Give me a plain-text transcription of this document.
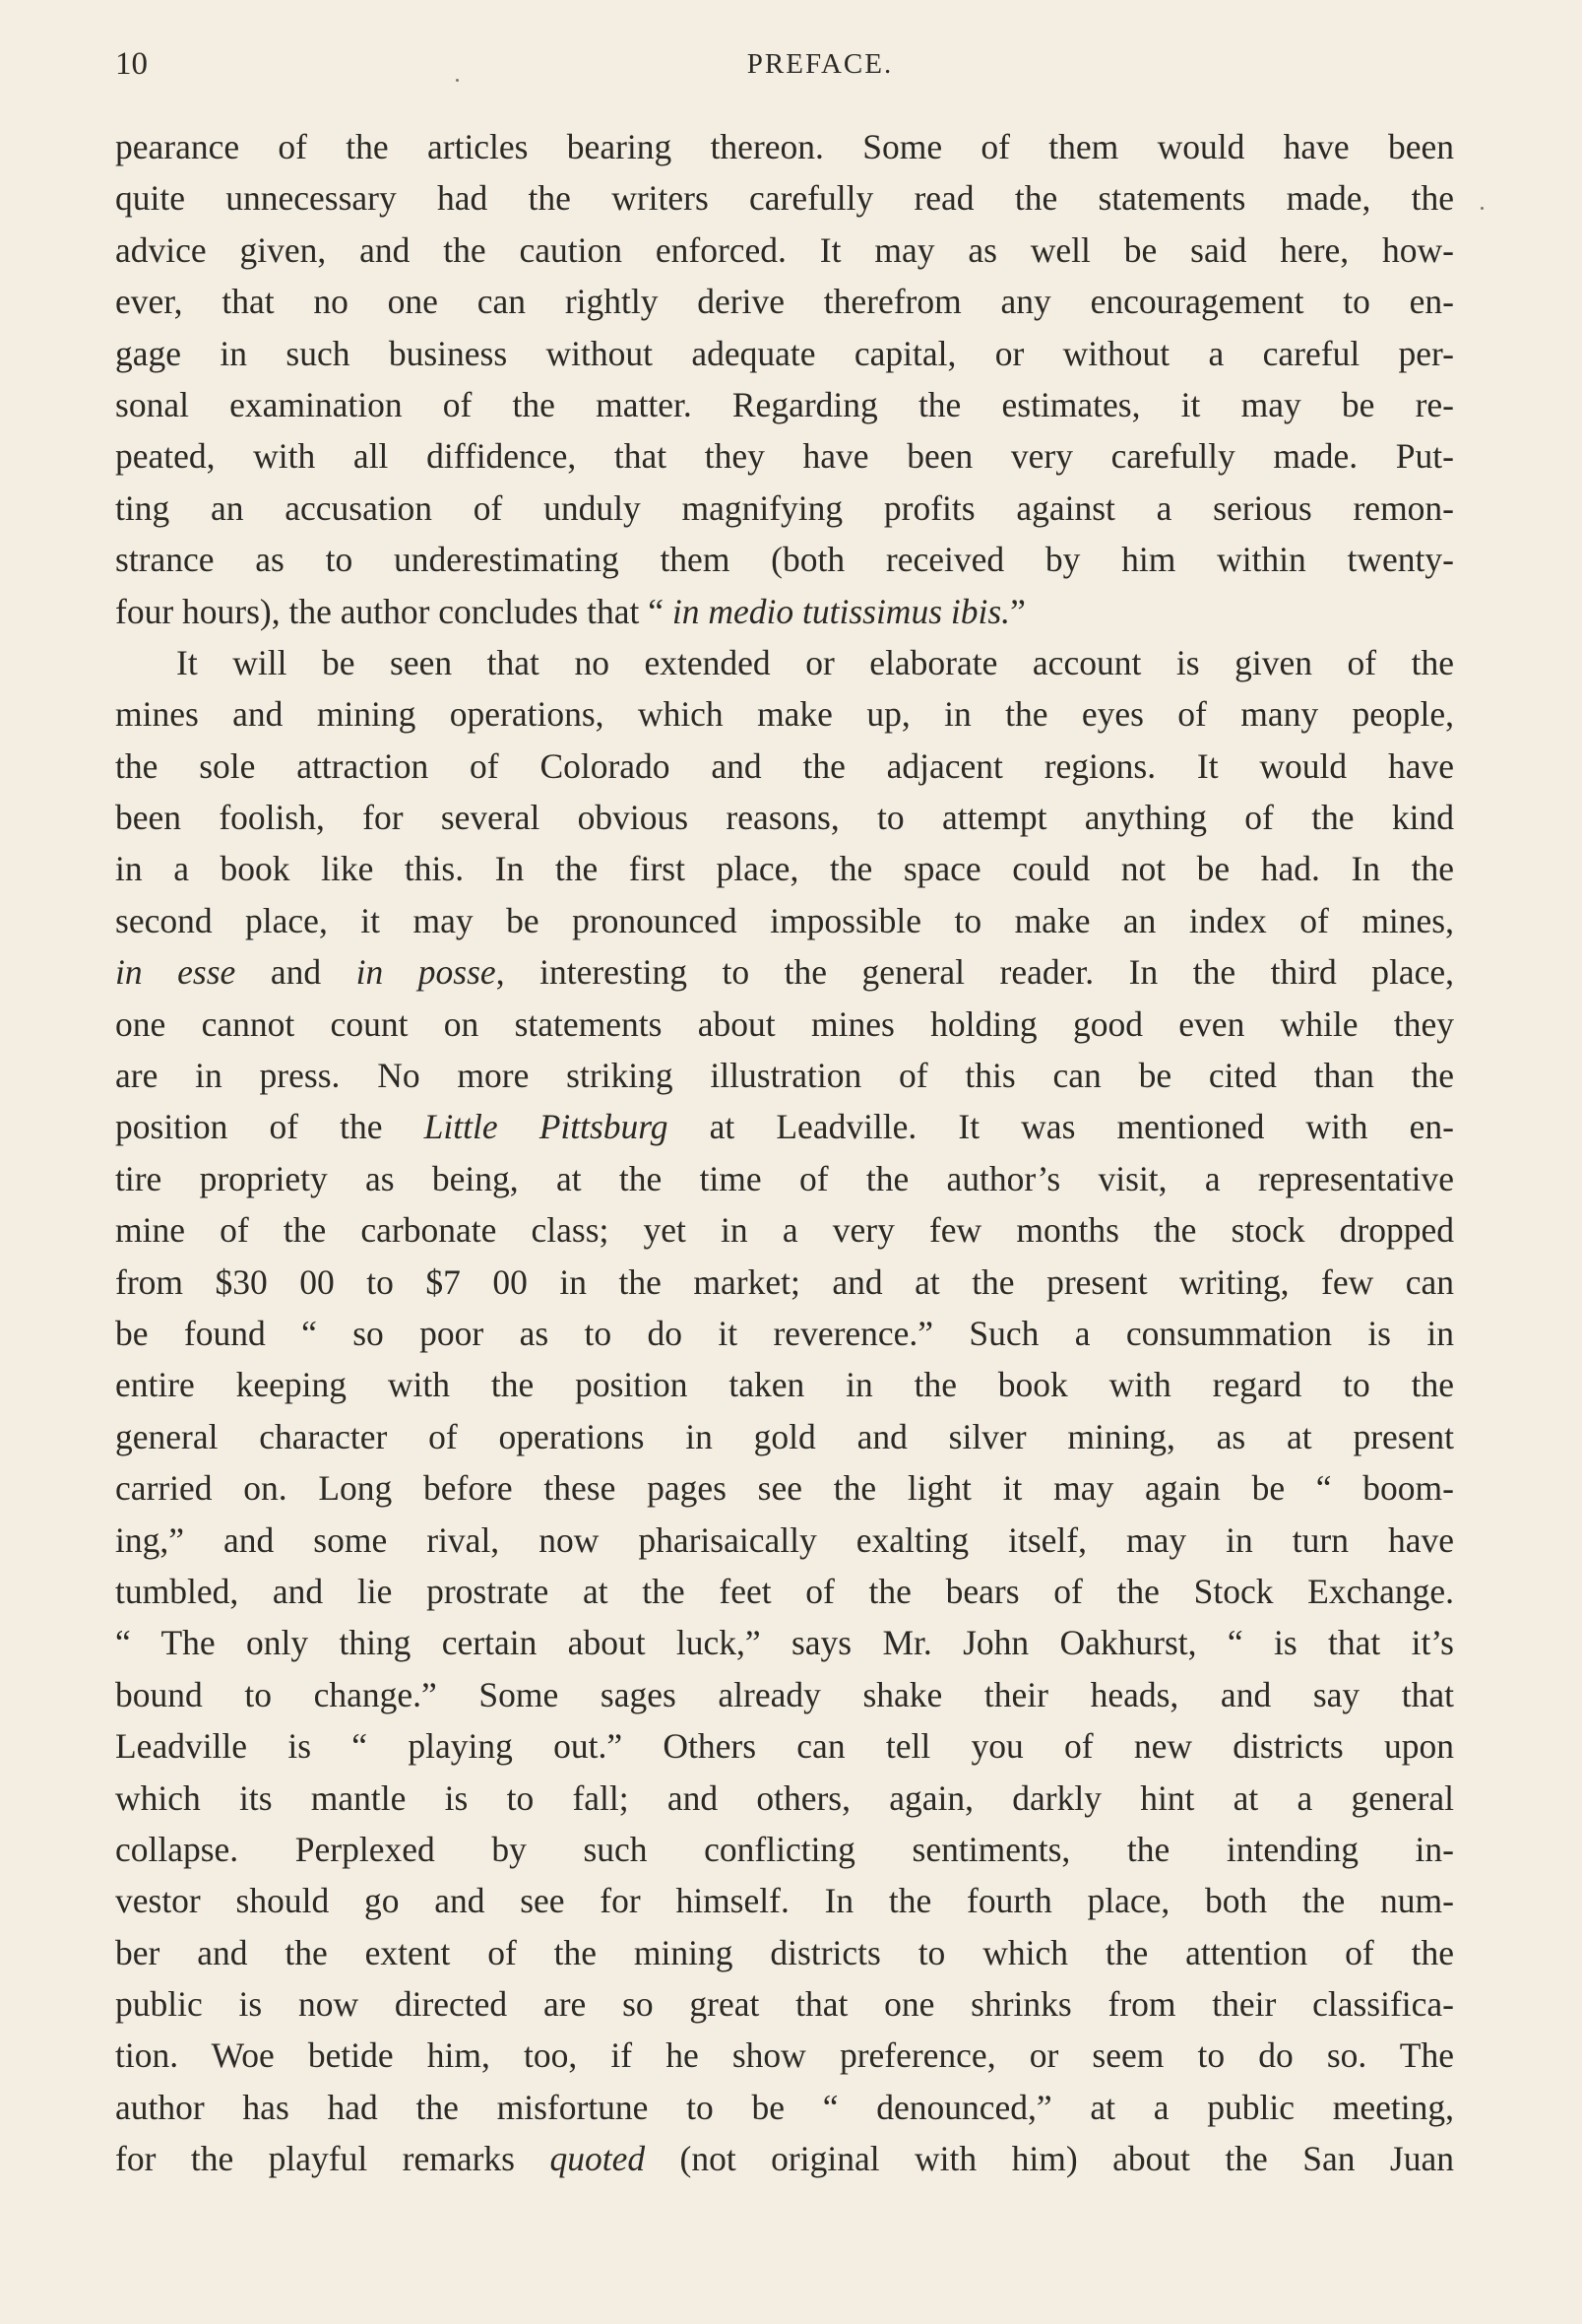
10	PREFACE.
pearance of the articles bearing thereon. Some of them would have been
quite unnecessary had the writers carefully read the statements made, the
advice given, and the caution enforced. It may as well be said here, how-
ever, that no one can rightly derive therefrom any encouragement to en-
gage in such business without adequate capital, or without a careful per-
sonal examination of the matter. Regarding the estimates, it may be re-
peated, with all diffidence, that they have been very carefully made. Put-
ting an accusation of unduly magnifying profits against a serious remon-
strance as to underestimating them (both received by him within twenty-
four hours), the author concludes that “ in medio tutissimus ibis.”
It will be seen that no extended or elaborate account is given of the
mines and mining operations, which make up, in the eyes of many people,
the sole attraction of Colorado and the adjacent regions. It would have
been foolish, for several obvious reasons, to attempt anything of the kind
in a book like this. In the first place, the space could not be had. In the
second place, it may be pronounced impossible to make an index of mines,
in esse and in posse, interesting to the general reader. In the third place,
one cannot count on statements about mines holding good even while they
are in press. No more striking illustration of this can be cited than the
position of the Little Pittsburg at Leadville. It was mentioned with en-
tire propriety as being, at the time of the author’s visit, a representative
mine of the carbonate class; yet in a very few months the stock dropped
from $30 00 to $7 00 in the market; and at the present writing, few can
be found “ so poor as to do it reverence.” Such a consummation is in
entire keeping with the position taken in the book with regard to the
general character of operations in gold and silver mining, as at present
carried on. Long before these pages see the light it may again be “ boom-
ing,” and some rival, now pharisaically exalting itself, may in turn have
tumbled, and lie prostrate at the feet of the bears of the Stock Exchange.
“ The only thing certain about luck,” says Mr. John Oakhurst, “ is that it’s
bound to change.” Some sages already shake their heads, and say that
Leadville is “ playing out.” Others can tell you of new districts upon
which its mantle is to fall; and others, again, darkly hint at a general
collapse. Perplexed by such conflicting sentiments, the intending in-
vestor should go and see for himself. In the fourth place, both the num-
ber and the extent of the mining districts to which the attention of the
public is now directed are so great that one shrinks from their classifica-
tion. Woe betide him, too, if he show preference, or seem to do so. The
author has had the misfortune to be “ denounced,” at a public meeting,
for the playful remarks quoted (not original with him) about the San Juan
